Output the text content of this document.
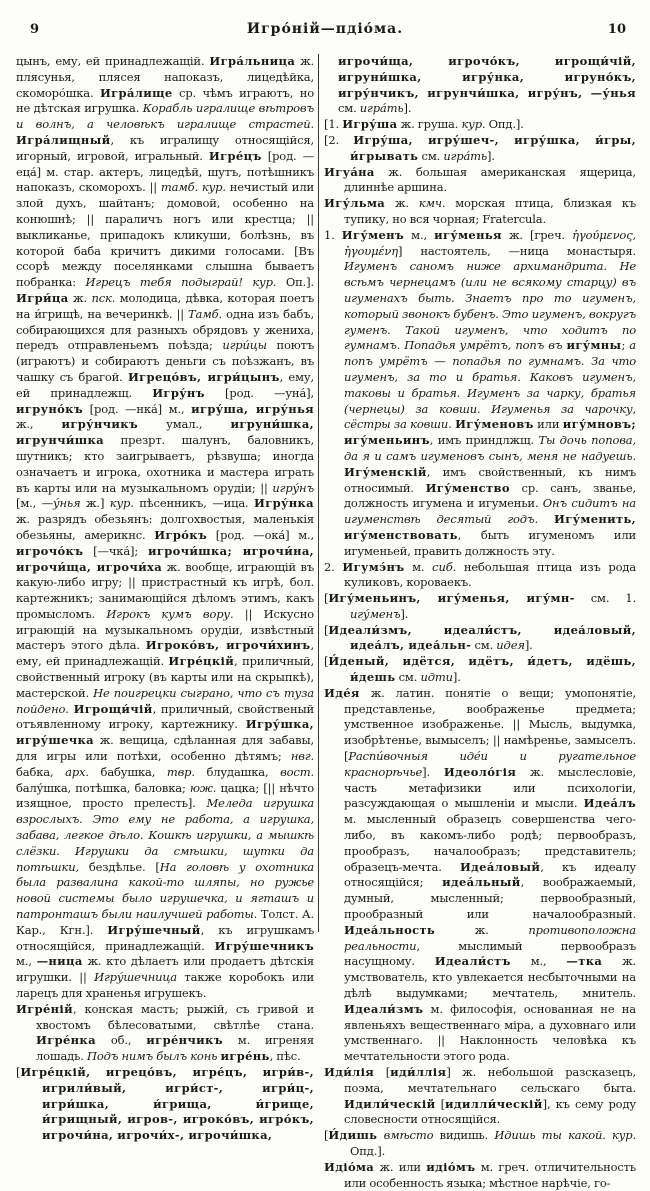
9	Игро́ній—пдіо́ма.	10

цынъ, ему, ей принадлежащій. Игра́льница ж. плясунья, плясея напоказъ, лицедѣйка, скоморо́шка. Игра́лище ср. чѣмъ играютъ, но не дѣтская игрушка. Корабль игралище вѣтровъ и волнъ, а человѣкъ игралище страстей. Игра́лищный, къ игралищу относящійся, игорный, игровой, игральный. Игре́цъ [род. —еца́] м. стар. актеръ, лицедѣй, шутъ, потѣшникъ напоказъ, скоморохъ. || тамб. кур. нечистый или злой духъ, шайтанъ; домовой, особенно на конюшнѣ; || параличъ ногъ или крестца; || выкликанье, припадокъ кликуши, болѣзнь, въ которой баба кричитъ дикими голосами. [Въ ссорѣ между поселянками слышна бываетъ побранка: Игрецъ тебя подыграй! кур. Оп.]. Игри́ца ж. пск. молодица, дѣвка, которая поетъ на и́грищѣ, на вечеринкѣ. || Тамб. одна изъ бабъ, собирающихся для разныхъ обрядовъ у жениха, передъ отправленьемъ поѣзда; игри́цы поютъ (играютъ) и собираютъ деньги съ поѣзжанъ, въ чашку съ брагой. Игрецо́въ, игри́цынъ, ему, ей принадлежщ. Игру́нъ [род. —уна́], игруно́къ [род. —нка́] м., игру́ша, игру́нья ж., игру́нчикъ умал., игруни́шка, игрунчи́шка презрт. шалунъ, баловникъ, шутникъ; кто заигрываетъ, рѣзвуша; иногда означаетъ и игрока, охотника и мастера играть въ карты или на музыкальномъ орудіи; || игру́нъ [м., —у́нья ж.] кур. пѣсенникъ, —ица. Игру́нка ж. разрядъ обезьянъ: долгохвостыя, маленькія обезьяны, америкнс. Игро́къ [род. —ока́] м., игрочо́къ [—чка́]; игрочи́шка; игрочи́на, игрочи́ща, игрочи́ха ж. вообще, играющій въ какую-либо игру; || пристрастный къ игрѣ, бол. картежникъ; занимающійся дѣломъ этимъ, какъ промысломъ. Игрокъ кумъ вору. || Искусно играющій на музыкальномъ орудіи, извѣстный мастеръ этого дѣла. Игроко́въ, игрочи́хинъ, ему, ей принадлежащій. Игре́цкій, приличный, свойственный игроку (въ карты или на скрыпкѣ), мастерской. Не поигрецки сыграно, что съ туза пойдено. Игрощи́чій, приличный, свойственый отъявленному игроку, картежнику. Игру́шка, игру́шечка ж. вещица, сдѣланная для забавы, для игры или потѣхи, особенно дѣтямъ; нвг. бабка, арх. бабушка, твр. блудашка, вост. балу́шка, потѣшка, баловка; юж. цацка; [|| нѣчто изящное, просто прелесть]. Меледа игрушка взрослыхъ. Это ему не работа, а игрушка, забава, легкое дѣло. Кошкѣ игрушки, а мышкѣ слёзки. Игрушки да смѣшки, шутки да потѣшки, бездѣлье. [На головѣ у охотника была развалина какой-то шляпы, но ружье новой системы было игрушечка, и ягташъ и патронташъ были наилучшей работы. Толст. А. Кар., Кгн.]. Игру́шечный, къ игрушкамъ относящійся, принадлежащій. Игру́шечникъ м., —ница ж. кто дѣлаетъ или продаетъ дѣтскія игрушки. || Игру́шечница также коробокъ или ларецъ для храненья игрушекъ.

Игре́ній, конская масть; рыжій, съ гривой и хвостомъ бѣлесоватыми, свѣтлѣе стана. Игре́нка об., игре́нчикъ м. игреняя лошадь. Подъ нимъ былъ конь игре́нь, пѣс.

[Игре́цкій, игрецо́въ, игре́цъ, игри́в-, игрили́вый, игри́ст-, игри́ц-, игри́шка, и́грища, и́грище, и́грищный, игров-, игроко́въ, игро́къ, игрочи́на, игрочи́х-, игрочи́шка,

игрочи́ща, игрочо́къ, игрощи́чій, игруни́шка, игру́нка, игруно́къ, игру́нчикъ, игрунчи́шка, игру́нъ, —у́нья см. игра́ть].

[1. Игру́ша ж. груша. кур. Опд.].

[2. Игру́ша, игру́шеч-, игру́шка, и́гры, и́грывать см. игра́ть].

Игуа́на ж. большая американская ящерица, длиннѣе аршина.

Игу́льма ж. кмч. морская птица, близкая къ тупику, но вся чорная; Fratercula.

1. Игу́менъ м., игу́менья ж. [греч. ἡγούμενος, ἡγουμένη] настоятель, —ница монастыря. Игуменъ саномъ ниже архимандрита. Не всѣмъ чернецамъ (или не всякому старцу) въ игуменахъ быть. Знаетъ про то игуменъ, который звонокъ бубенъ. Это игуменъ, вокругъ гуменъ. Такой игуменъ, что ходитъ по гумнамъ. Попадья умрётъ, попъ въ игу́мны; а попъ умрётъ — попадья по гумнамъ. За что игуменъ, за то и братья. Каковъ игуменъ, таковы и братья. Игуменъ за чарку, братья (чернецы) за ковши. Игуменья за чарочку, сёстры за ковши. Игу́меновъ или игу́мновъ; игу́меньинъ, имъ приндлжщ. Ты дочь попова, да я и самъ игуменовъ сынъ, меня не надуешь. Игу́менскій, имъ свойственный, къ нимъ относимый. Игу́менство ср. санъ, званье, должность игумена и игуменьи. Онъ сидитъ на игуменствѣ десятый годъ. Игу́менить, игу́менствовать, быть игуменомъ или игуменьей, править должность эту.

2. Игумэ́нъ м. сиб. небольшая птица изъ рода куликовъ, короваекъ.

[Игу́меньинъ, игу́менья, игу́мн- см. 1. игу́менъ].

[Идеали́змъ, идеали́стъ, идеа́ловый, идеа́лъ, идеа́льн- см. идея].

[И́деный, идётся, идётъ, и́детъ, идёшь, и́дешь см. идти].

Иде́я ж. латин. понятіе о вещи; умопонятіе, представленье, воображенье предмета; умственное изображенье. || Мысль, выдумка, изобрѣтенье, вымыселъ; || намѣренье, замыселъ. [Распи́вочныя иде́и и ругательное краснорѣчье]. Идеоло́гія ж. мыслесловіе, часть метафизики или психологіи, разсуждающая о мышленіи и мысли. Идеа́лъ м. мысленный образецъ совершенства чего-либо, въ какомъ-либо родѣ; первообразъ, прообразъ, началообразъ; представитель; образецъ-мечта. Идеа́ловый, къ идеалу относящійся; идеа́льный, воображаемый, думный, мысленный; первообразный, прообразный или началообразный. Идеа́льность ж. противоположна реальности, мыслимый первообразъ насущному. Идеали́стъ м., —тка ж. умствователь, кто увлекается несбыточными на дѣлѣ выдумками; мечтатель, мнитель. Идеали́змъ м. философія, основанная не на явленьяхъ вещественнаго міра, а духовнаго или умственнаго. || Наклонность человѣка къ мечтательности этого рода.

Иди́лія [иди́ллія] ж. небольшой разсказецъ, поэма, мечтательнаго сельскаго быта. Идили́ческій [идилли́ческій], къ сему роду словесности относящійся.

[И́дишь вмѣсто видишь. Идишь ты какой. кур. Опд.].

Идіо́ма ж. или идіо́мъ м. греч. отличительность или особенность языка; мѣстное нарѣчіе, го-
